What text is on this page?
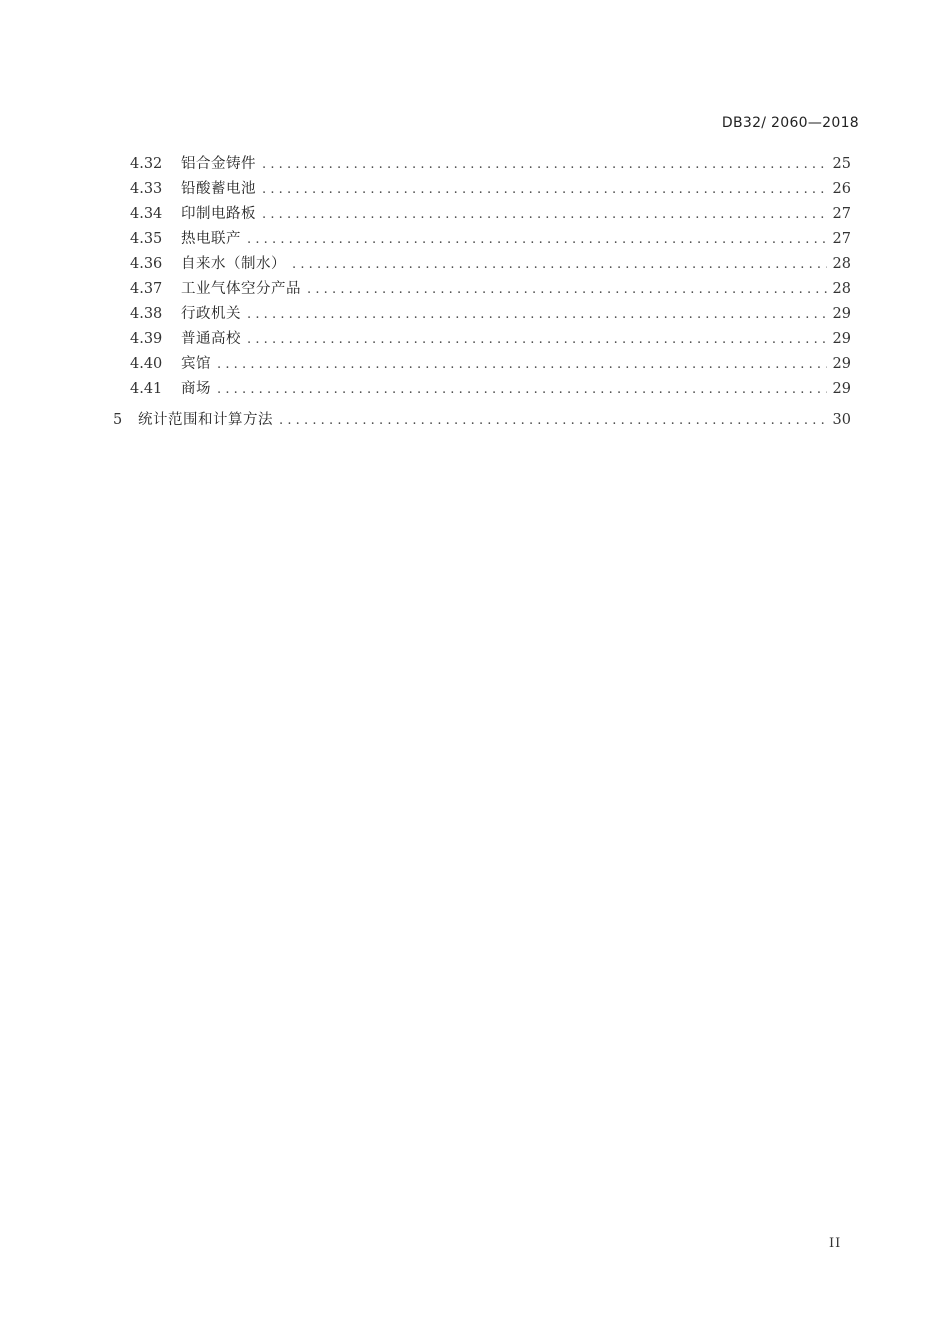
DB32/ 2060—2018
4.32 铝合金铸件 .....	25
4.33 铅酸蓄电池 .....	26
4.34 印制电路板 .....	27
4.35 热电联产 .....	27
4.36 自来水（制水） .....	28
4.37 工业气体空分产品 .....	28
4.38 行政机关 .....	29
4.39 普通高校 .....	29
4.40 宾馆 .....	29
4.41 商场 .....	29
5 统计范围和计算方法 .....	30
II
